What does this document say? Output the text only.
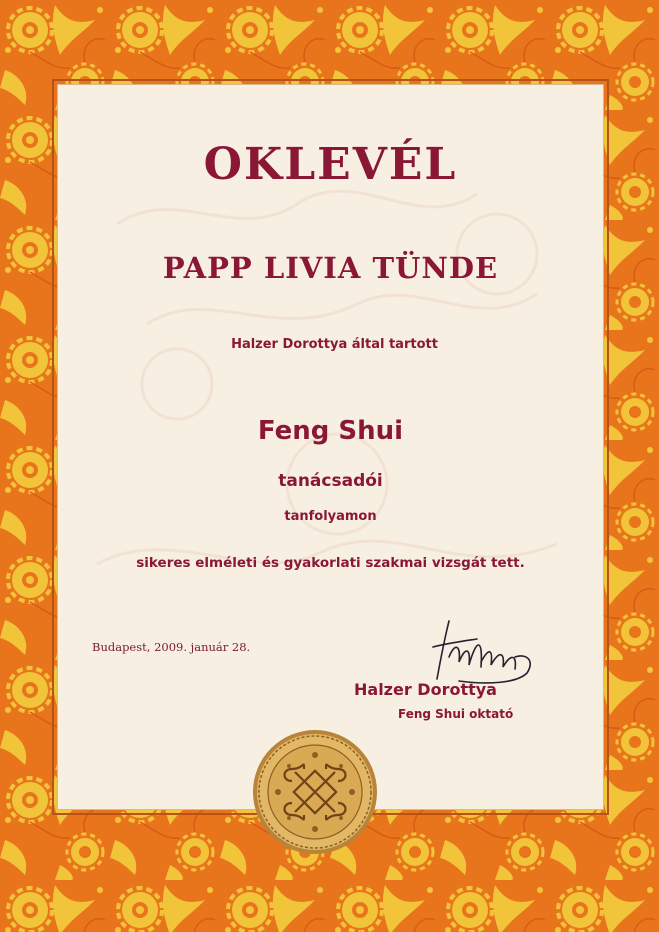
OKLEVÉL
PAPP LIVIA TÜNDE
Halzer Dorottya által tartott
Feng Shui
tanácsadói
tanfolyamon
sikeres elméleti és gyakorlati szakmai vizsgát tett.
Budapest, 2009. január 28.
Halzer Dorottya
Feng Shui oktató
